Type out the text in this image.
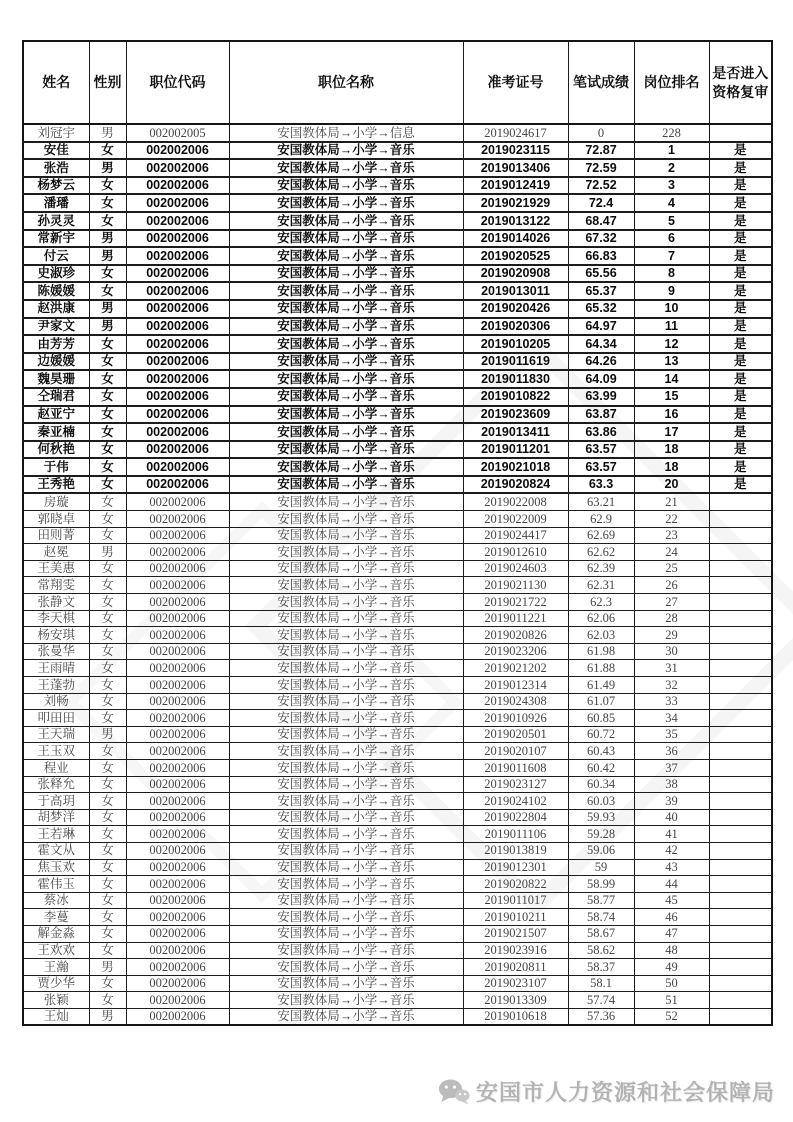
姓名	性别	职位代码	职位名称	准考证号	笔试成绩	岗位排名	是否进入资格复审
刘冠宇	男	002002005	安国教体局→小学→信息	2019024617	0	228	
安佳	女	002002006	安国教体局→小学→音乐	2019023115	72.87	1	是
张浩	男	002002006	安国教体局→小学→音乐	2019013406	72.59	2	是
杨梦云	女	002002006	安国教体局→小学→音乐	2019012419	72.52	3	是
潘璠	女	002002006	安国教体局→小学→音乐	2019021929	72.4	4	是
孙灵灵	女	002002006	安国教体局→小学→音乐	2019013122	68.47	5	是
常新宇	男	002002006	安国教体局→小学→音乐	2019014026	67.32	6	是
付云	男	002002006	安国教体局→小学→音乐	2019020525	66.83	7	是
史淑珍	女	002002006	安国教体局→小学→音乐	2019020908	65.56	8	是
陈媛媛	女	002002006	安国教体局→小学→音乐	2019013011	65.37	9	是
赵洪康	男	002002006	安国教体局→小学→音乐	2019020426	65.32	10	是
尹家文	男	002002006	安国教体局→小学→音乐	2019020306	64.97	11	是
由芳芳	女	002002006	安国教体局→小学→音乐	2019010205	64.34	12	是
边媛媛	女	002002006	安国教体局→小学→音乐	2019011619	64.26	13	是
魏昊珊	女	002002006	安国教体局→小学→音乐	2019011830	64.09	14	是
仝瑞君	女	002002006	安国教体局→小学→音乐	2019010822	63.99	15	是
赵亚宁	女	002002006	安国教体局→小学→音乐	2019023609	63.87	16	是
秦亚楠	女	002002006	安国教体局→小学→音乐	2019013411	63.86	17	是
何秋艳	女	002002006	安国教体局→小学→音乐	2019011201	63.57	18	是
于伟	女	002002006	安国教体局→小学→音乐	2019021018	63.57	18	是
王秀艳	女	002002006	安国教体局→小学→音乐	2019020824	63.3	20	是
房璇	女	002002006	安国教体局→小学→音乐	2019022008	63.21	21	
郭晓卓	女	002002006	安国教体局→小学→音乐	2019022009	62.9	22	
田则菁	女	002002006	安国教体局→小学→音乐	2019024417	62.69	23	
赵冕	男	002002006	安国教体局→小学→音乐	2019012610	62.62	24	
王美惠	女	002002006	安国教体局→小学→音乐	2019024603	62.39	25	
常翔雯	女	002002006	安国教体局→小学→音乐	2019021130	62.31	26	
张静文	女	002002006	安国教体局→小学→音乐	2019021722	62.3	27	
李天棋	女	002002006	安国教体局→小学→音乐	2019011221	62.06	28	
杨安琪	女	002002006	安国教体局→小学→音乐	2019020826	62.03	29	
张曼华	女	002002006	安国教体局→小学→音乐	2019023206	61.98	30	
王雨晴	女	002002006	安国教体局→小学→音乐	2019021202	61.88	31	
王蓬勃	女	002002006	安国教体局→小学→音乐	2019012314	61.49	32	
刘畅	女	002002006	安国教体局→小学→音乐	2019024308	61.07	33	
叩田田	女	002002006	安国教体局→小学→音乐	2019010926	60.85	34	
王天瑞	男	002002006	安国教体局→小学→音乐	2019020501	60.72	35	
王玉双	女	002002006	安国教体局→小学→音乐	2019020107	60.43	36	
程业	女	002002006	安国教体局→小学→音乐	2019011608	60.42	37	
张释允	女	002002006	安国教体局→小学→音乐	2019023127	60.34	38	
于高玥	女	002002006	安国教体局→小学→音乐	2019024102	60.03	39	
胡梦洋	女	002002006	安国教体局→小学→音乐	2019022804	59.93	40	
王若琳	女	002002006	安国教体局→小学→音乐	2019011106	59.28	41	
霍文从	女	002002006	安国教体局→小学→音乐	2019013819	59.06	42	
焦玉欢	女	002002006	安国教体局→小学→音乐	2019012301	59	43	
霍伟玉	女	002002006	安国教体局→小学→音乐	2019020822	58.99	44	
蔡冰	女	002002006	安国教体局→小学→音乐	2019011017	58.77	45	
李蔓	女	002002006	安国教体局→小学→音乐	2019010211	58.74	46	
解金淼	女	002002006	安国教体局→小学→音乐	2019021507	58.67	47	
王欢欢	女	002002006	安国教体局→小学→音乐	2019023916	58.62	48	
王瀚	男	002002006	安国教体局→小学→音乐	2019020811	58.37	49	
贾少华	女	002002006	安国教体局→小学→音乐	2019023107	58.1	50	
张颖	女	002002006	安国教体局→小学→音乐	2019013309	57.74	51	
王灿	男	002002006	安国教体局→小学→音乐	2019010618	57.36	52	
安国市人力资源和社会保障局
